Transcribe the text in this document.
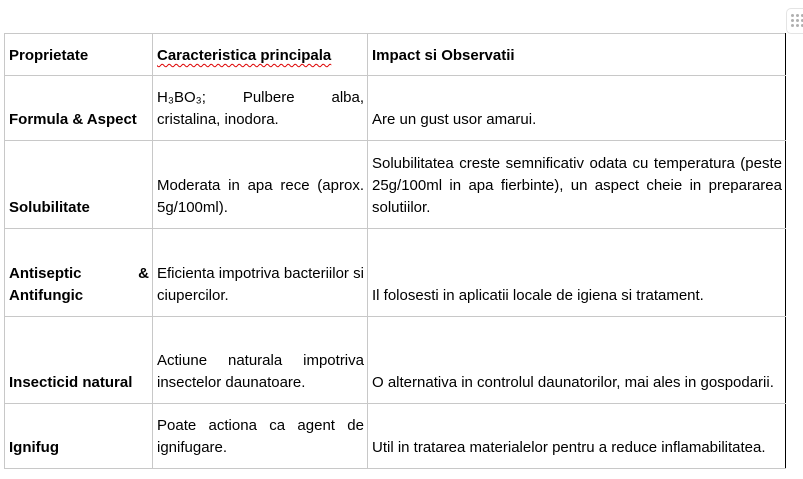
Proprietate	Caracteristica principala	Impact si Observatii
Formula & Aspect	H₃BO₃; Pulbere alba, cristalina, inodora.	Are un gust usor amarui.
Solubilitate	Moderata in apa rece (aprox. 5g/100ml).	Solubilitatea creste semnificativ odata cu temperatura (peste 25g/100ml in apa fierbinte), un aspect cheie in prepararea solutiilor.
Antiseptic & Antifungic	Eficienta impotriva bacteriilor si ciupercilor.	Il folosesti in aplicatii locale de igiena si tratament.
Insecticid natural	Actiune naturala impotriva insectelor daunatoare.	O alternativa in controlul daunatorilor, mai ales in gospodarii.
Ignifug	Poate actiona ca agent de ignifugare.	Util in tratarea materialelor pentru a reduce inflamabilitatea.
